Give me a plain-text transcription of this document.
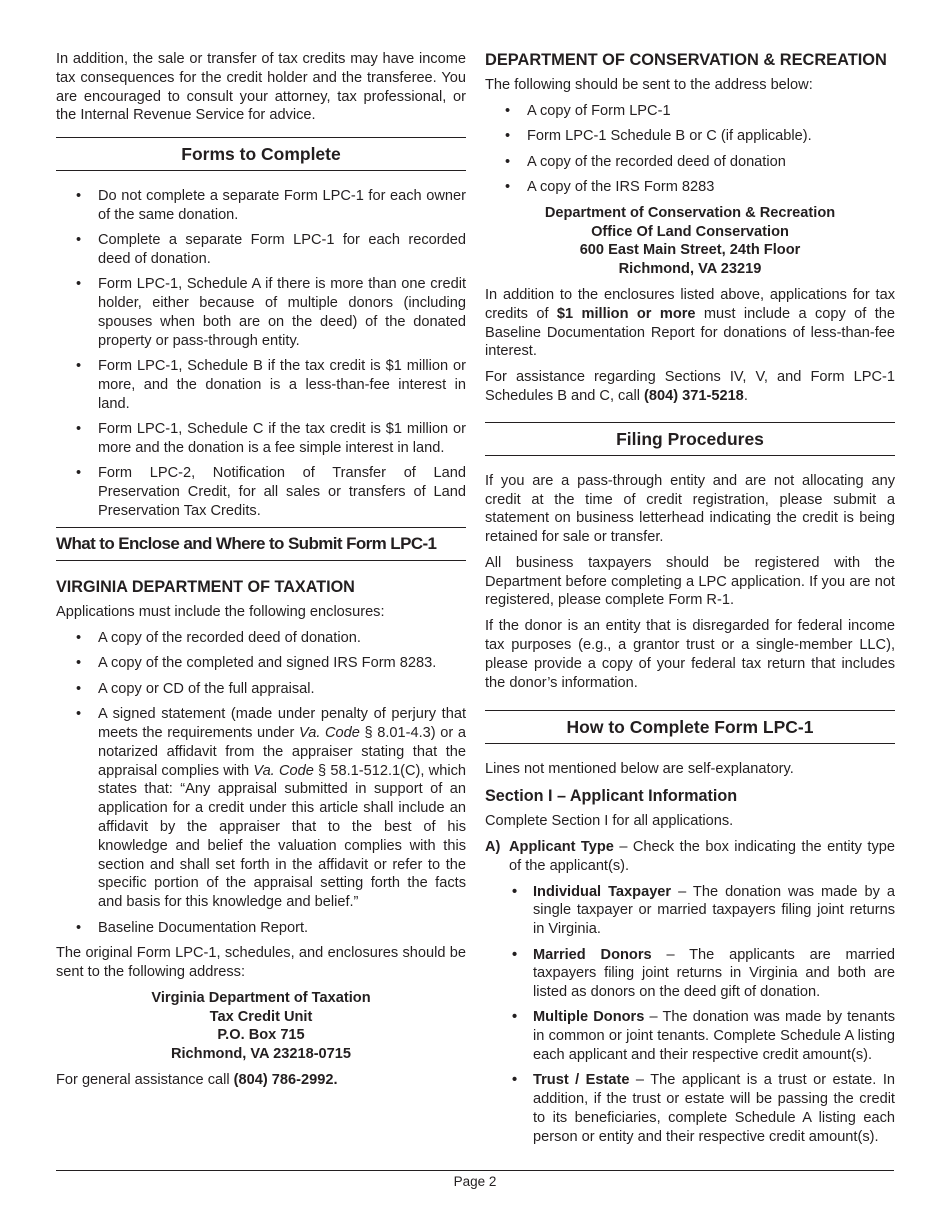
In addition, the sale or transfer of tax credits may have income tax consequences for the credit holder and the transferee. You are encouraged to consult your attorney, tax professional, or the Internal Revenue Service for advice.

Forms to Complete
• Do not complete a separate Form LPC-1 for each owner of the same donation.
• Complete a separate Form LPC-1 for each recorded deed of donation.
• Form LPC-1, Schedule A if there is more than one credit holder, either because of multiple donors (including spouses when both are on the deed) of the donated property or pass-through entity.
• Form LPC-1, Schedule B if the tax credit is $1 million or more, and the donation is a less-than-fee interest in land.
• Form LPC-1, Schedule C if the tax credit is $1 million or more and the donation is a fee simple interest in land.
• Form LPC-2, Notification of Transfer of Land Preservation Credit, for all sales or transfers of Land Preservation Tax Credits.
What to Enclose and Where to Submit Form LPC-1
VIRGINIA DEPARTMENT OF TAXATION

Applications must include the following enclosures:

• A copy of the recorded deed of donation.
• A copy of the completed and signed IRS Form 8283.
• A copy or CD of the full appraisal.
• A signed statement (made under penalty of perjury that meets the requirements under Va. Code § 8.01-4.3) or a notarized affidavit from the appraiser stating that the appraisal complies with Va. Code § 58.1-512.1(C), which states that: “Any appraisal submitted in support of an application for a credit under this article shall include an affidavit by the appraiser that to the best of his knowledge and belief the valuation complies with this section and shall set forth in the affidavit or refer to the specific portion of the appraisal setting forth the facts and basis for this knowledge and belief.”
• Baseline Documentation Report.

The original Form LPC-1, schedules, and enclosures should be sent to the following address:

Virginia Department of Taxation
Tax Credit Unit
P.O. Box 715
Richmond, VA 23218-0715

For general assistance call (804) 786-2992.

DEPARTMENT OF CONSERVATION & RECREATION

The following should be sent to the address below:

• A copy of Form LPC-1
• Form LPC-1 Schedule B or C (if applicable).
• A copy of the recorded deed of donation
• A copy of the IRS Form 8283
Department of Conservation & Recreation
Office Of Land Conservation
600 East Main Street, 24th Floor
Richmond, VA 23219

In addition to the enclosures listed above, applications for tax credits of $1 million or more must include a copy of the Baseline Documentation Report for donations of less-than-fee interest.

For assistance regarding Sections IV, V, and Form LPC-1 Schedules B and C, call (804) 371-5218.

Filing Procedures

If you are a pass-through entity and are not allocating any credit at the time of credit registration, please submit a statement on business letterhead indicating the credit is being retained for sale or transfer.

All business taxpayers should be registered with the Department before completing a LPC application. If you are not registered, please complete Form R-1.

If the donor is an entity that is disregarded for federal income tax purposes (e.g., a grantor trust or a single-member LLC), please provide a copy of your federal tax return that includes the donor’s information.

How to Complete Form LPC-1

Lines not mentioned below are self-explanatory.

Section I – Applicant Information

Complete Section I for all applications.

A) Applicant Type – Check the box indicating the entity type of the applicant(s).
• Individual Taxpayer – The donation was made by a single taxpayer or married taxpayers filing joint returns in Virginia.
• Married Donors – The applicants are married taxpayers filing joint returns in Virginia and both are listed as donors on the deed gift of donation.
• Multiple Donors – The donation was made by tenants in common or joint tenants. Complete Schedule A listing each applicant and their respective credit amount(s).
• Trust / Estate – The applicant is a trust or estate. In addition, if the trust or estate will be passing the credit to its beneficiaries, complete Schedule A listing each person or entity and their respective credit amount(s).
Page 2
